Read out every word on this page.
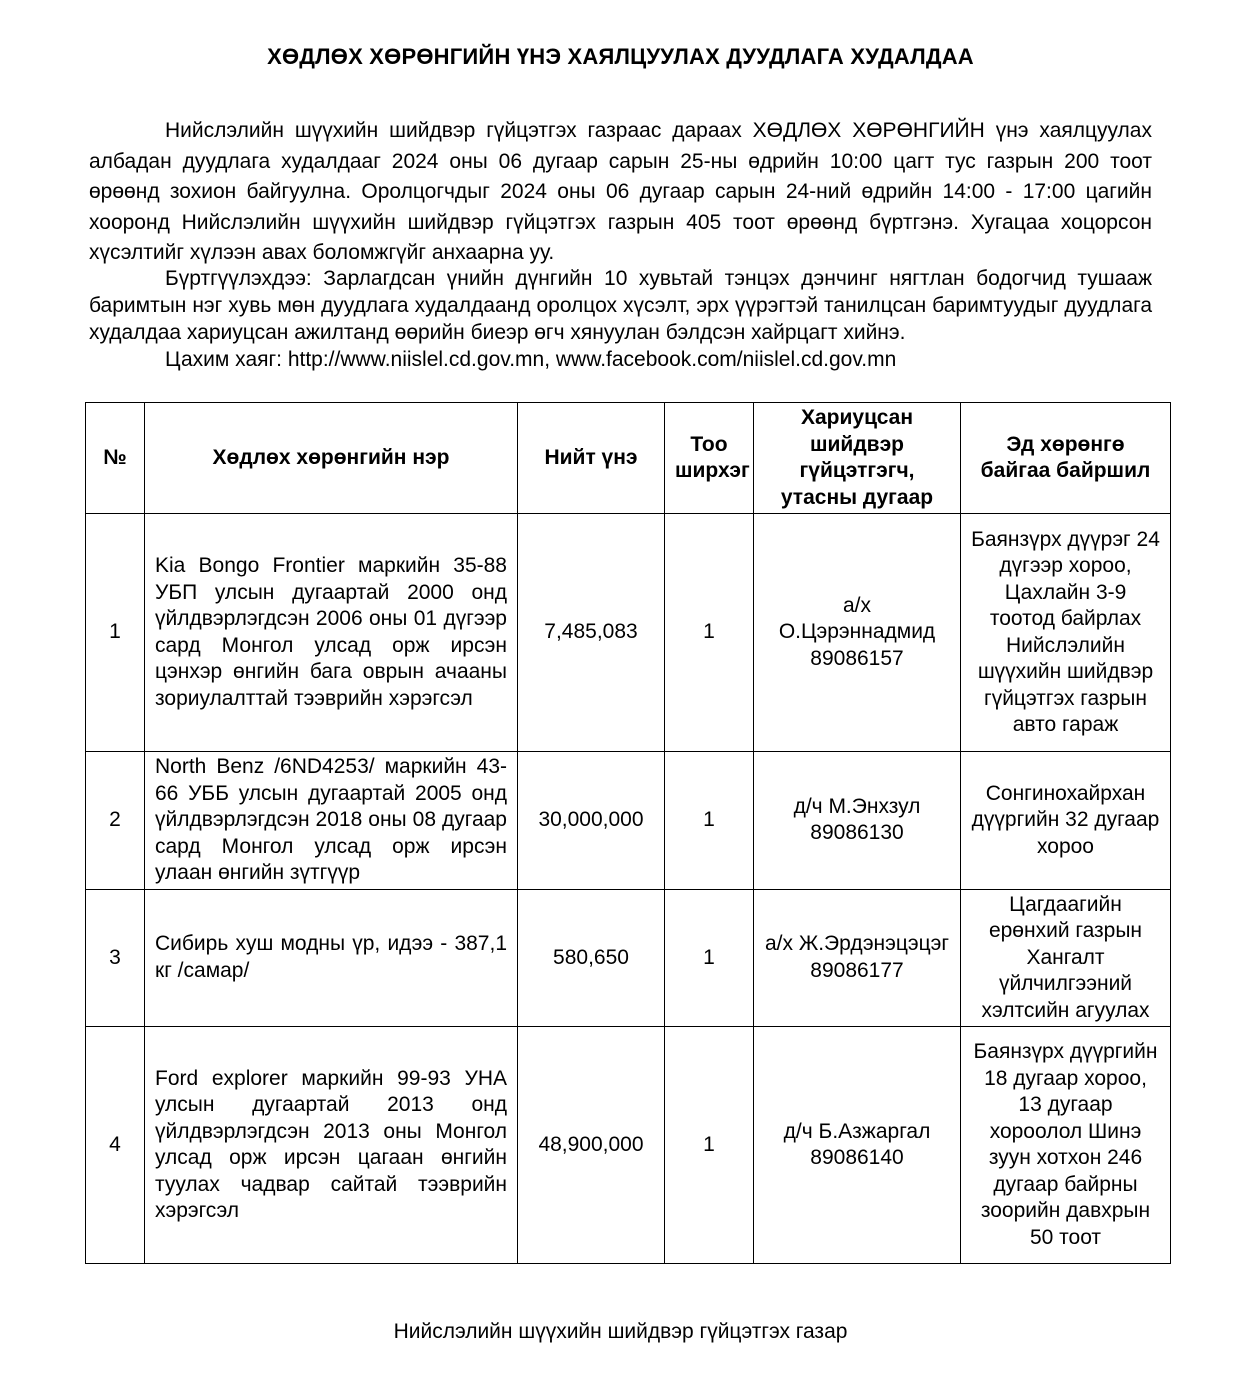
ХӨДЛӨХ ХӨРӨНГИЙН ҮНЭ ХАЯЛЦУУЛАХ ДУУДЛАГА ХУДАЛДАА

Нийслэлийн шүүхийн шийдвэр гүйцэтгэх газраас дараах ХӨДЛӨХ ХӨРӨНГИЙН үнэ хаялцуулах албадан дуудлага худалдааг 2024 оны 06 дугаар сарын 25-ны өдрийн 10:00 цагт тус газрын 200 тоот өрөөнд зохион байгуулна. Оролцогчдыг 2024 оны 06 дугаар сарын 24-ний өдрийн 14:00 - 17:00 цагийн хооронд Нийслэлийн шүүхийн шийдвэр гүйцэтгэх газрын 405 тоот өрөөнд бүртгэнэ. Хугацаа хоцорсон хүсэлтийг хүлээн авах боломжгүйг анхаарна уу.

Бүртгүүлэхдээ: Зарлагдсан үнийн дүнгийн 10 хувьтай тэнцэх дэнчинг нягтлан бодогчид тушааж баримтын нэг хувь мөн дуудлага худалдаанд оролцох хүсэлт, эрх үүрэгтэй танилцсан баримтуудыг дуудлага худалдаа хариуцсан ажилтанд өөрийн биеэр өгч хянуулан бэлдсэн хайрцагт хийнэ.

Цахим хаяг: http://www.niislel.cd.gov.mn, www.facebook.com/niislel.cd.gov.mn

№	Хөдлөх хөрөнгийн нэр	Нийт үнэ	Тоо ширхэг	Хариуцсан шийдвэр гүйцэтгэгч, утасны дугаар	Эд хөрөнгө байгаа байршил
1	Kia Bongo Frontier маркийн 35-88 УБП улсын дугаартай 2000 онд үйлдвэрлэгдсэн 2006 оны 01 дүгээр сард Монгол улсад орж ирсэн цэнхэр өнгийн бага оврын ачааны зориулалттай тээврийн хэрэгсэл	7,485,083	1	а/х О.Цэрэннадмид 89086157	Баянзүрх дүүрэг 24 дүгээр хороо, Цахлайн 3-9 тоотод байрлах Нийслэлийн шүүхийн шийдвэр гүйцэтгэх газрын авто гараж
2	North Benz /6ND4253/ маркийн 43-66 УББ улсын дугаартай 2005 онд үйлдвэрлэгдсэн 2018 оны 08 дугаар сард Монгол улсад орж ирсэн улаан өнгийн зүтгүүр	30,000,000	1	д/ч М.Энхзул 89086130	Сонгинохайрхан дүүргийн 32 дугаар хороо
3	Сибирь хуш модны үр, идээ - 387,1 кг /самар/	580,650	1	а/х Ж.Эрдэнэцэцэг 89086177	Цагдаагийн ерөнхий газрын Хангалт үйлчилгээний хэлтсийн агуулах
4	Ford explorer маркийн 99-93 УНА улсын дугаартай 2013 онд үйлдвэрлэгдсэн 2013 оны Монгол улсад орж ирсэн цагаан өнгийн туулах чадвар сайтай тээврийн хэрэгсэл	48,900,000	1	д/ч Б.Азжаргал 89086140	Баянзүрх дүүргийн 18 дугаар хороо, 13 дугаар хороолол Шинэ зуун хотхон 246 дугаар байрны зоорийн давхрын 50 тоот
Нийслэлийн шүүхийн шийдвэр гүйцэтгэх газар
